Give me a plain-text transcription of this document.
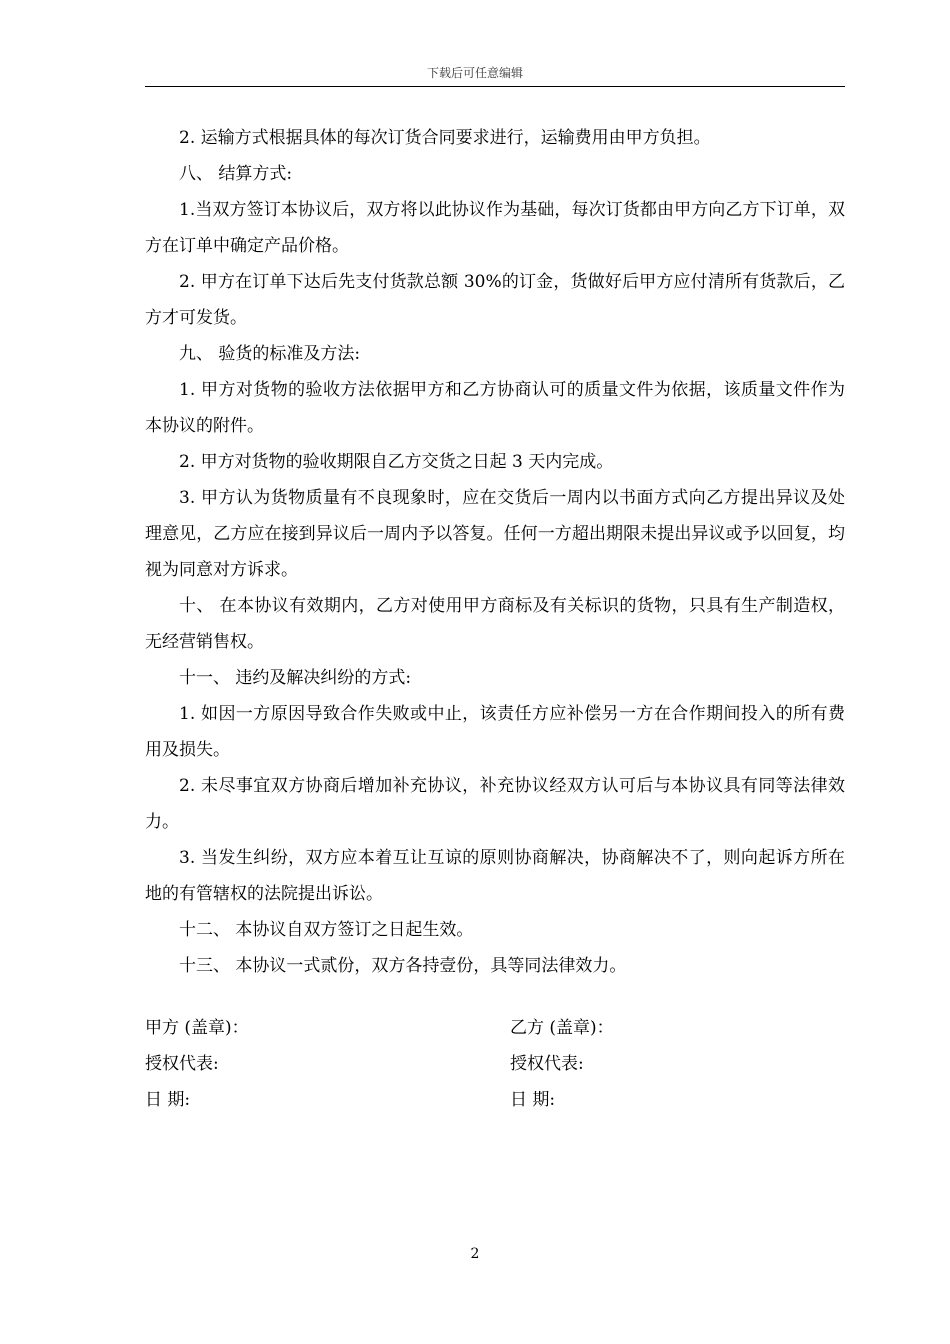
下载后可任意编辑

2. 运输方式根据具体的每次订货合同要求进行，运输费用由甲方负担。

八、 结算方式:

1.当双方签订本协议后，双方将以此协议作为基础，每次订货都由甲方向乙方下订单，双方在订单中确定产品价格。

2. 甲方在订单下达后先支付货款总额 30%的订金，货做好后甲方应付清所有货款后，乙方才可发货。

九、 验货的标准及方法:

1. 甲方对货物的验收方法依据甲方和乙方协商认可的质量文件为依据，该质量文件作为本协议的附件。

2. 甲方对货物的验收期限自乙方交货之日起 3 天内完成。

3. 甲方认为货物质量有不良现象时，应在交货后一周内以书面方式向乙方提出异议及处理意见，乙方应在接到异议后一周内予以答复。任何一方超出期限未提出异议或予以回复，均视为同意对方诉求。

十、 在本协议有效期内，乙方对使用甲方商标及有关标识的货物，只具有生产制造权，无经营销售权。

十一、 违约及解决纠纷的方式:

1. 如因一方原因导致合作失败或中止，该责任方应补偿另一方在合作期间投入的所有费用及损失。

2. 未尽事宜双方协商后增加补充协议，补充协议经双方认可后与本协议具有同等法律效力。

3. 当发生纠纷，双方应本着互让互谅的原则协商解决，协商解决不了，则向起诉方所在地的有管辖权的法院提出诉讼。

十二、 本协议自双方签订之日起生效。

十三、 本协议一式贰份，双方各持壹份，具等同法律效力。

甲方 (盖章)：	乙方 (盖章)：
授权代表:	授权代表:
日 期:	日 期:
2
